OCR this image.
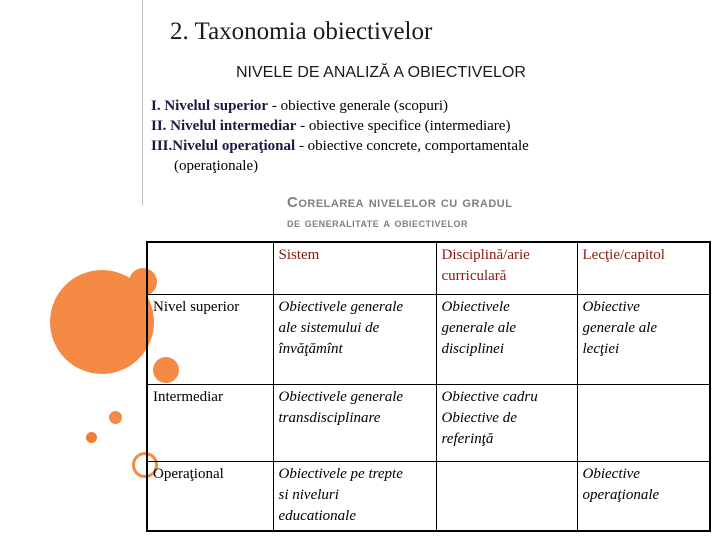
2. Taxonomia obiectivelor
NIVELE DE ANALIZĂ A OBIECTIVELOR
I. Nivelul superior - obiective generale (scopuri)
II. Nivelul intermediar - obiective specifice (intermediare)
III.Nivelul operaţional - obiective concrete, comportamentale
(operaţionale)
Corelarea nivelelor cu gradul
de generalitate a obiectivelor
	Sistem	Disciplină/arie curriculară	Lecţie/capitol
Nivel superior	Obiectivele generale
ale sistemului de
învăţămînt	Obiectivele
generale ale
disciplinei	Obiective
generale ale
lecţiei

Intermediar	Obiectivele generale
transdisciplinare	Obiective cadru
Obiective de
referinţă	

Operaţional	Obiectivele pe trepte
si niveluri
educationale		Obiective
operaţionale
